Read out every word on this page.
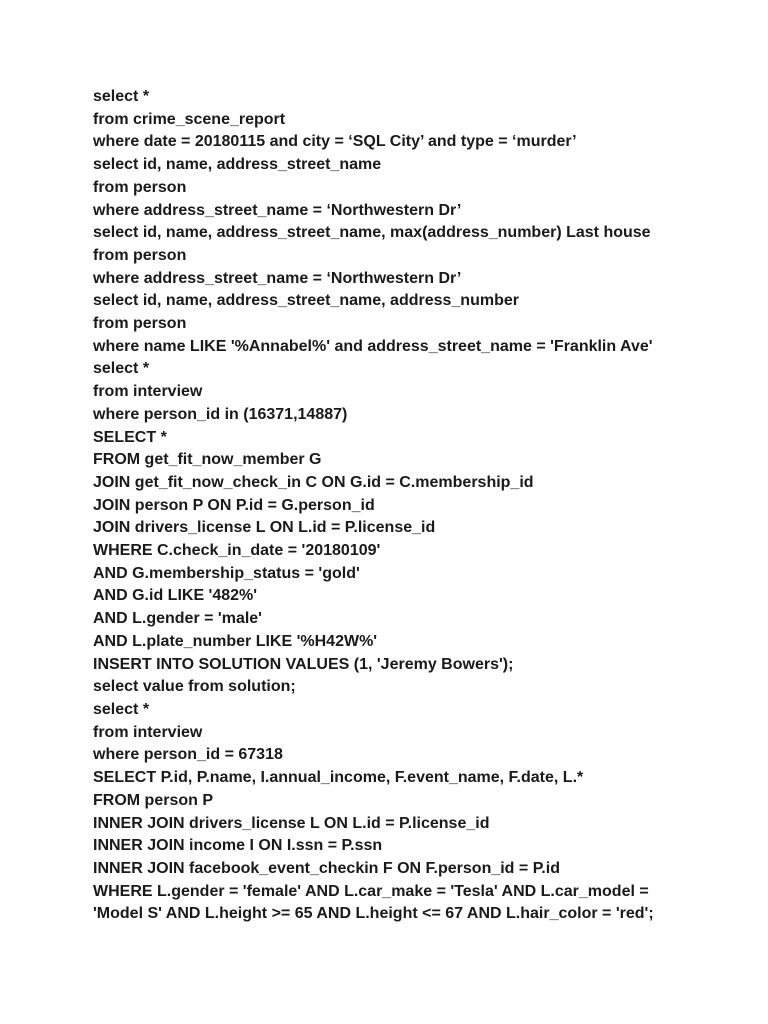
select *
from crime_scene_report
where date = 20180115 and city = ‘SQL City’ and type = ‘murder’
select id, name, address_street_name
from person
where address_street_name = ‘Northwestern Dr’
select id, name, address_street_name, max(address_number) Last house
from person
where address_street_name = ‘Northwestern Dr’
select id, name, address_street_name, address_number
from person
where name LIKE '%Annabel%' and address_street_name = 'Franklin Ave'
select *
from interview
where person_id in (16371,14887)
SELECT *
FROM get_fit_now_member G
JOIN get_fit_now_check_in C ON G.id = C.membership_id
JOIN person P ON P.id = G.person_id
JOIN drivers_license L ON L.id = P.license_id
WHERE C.check_in_date = '20180109'
AND G.membership_status = 'gold'
AND G.id LIKE '482%'
AND L.gender = 'male'
AND L.plate_number LIKE '%H42W%'
INSERT INTO SOLUTION VALUES (1, 'Jeremy Bowers');
select value from solution;
select *
from interview
where person_id = 67318
SELECT P.id, P.name, I.annual_income, F.event_name, F.date, L.*
FROM person P
INNER JOIN drivers_license L ON L.id = P.license_id
INNER JOIN income I ON I.ssn = P.ssn
INNER JOIN facebook_event_checkin F ON F.person_id = P.id
WHERE L.gender = 'female' AND L.car_make = 'Tesla' AND L.car_model =
'Model S' AND L.height >= 65 AND L.height <= 67 AND L.hair_color = 'red';
